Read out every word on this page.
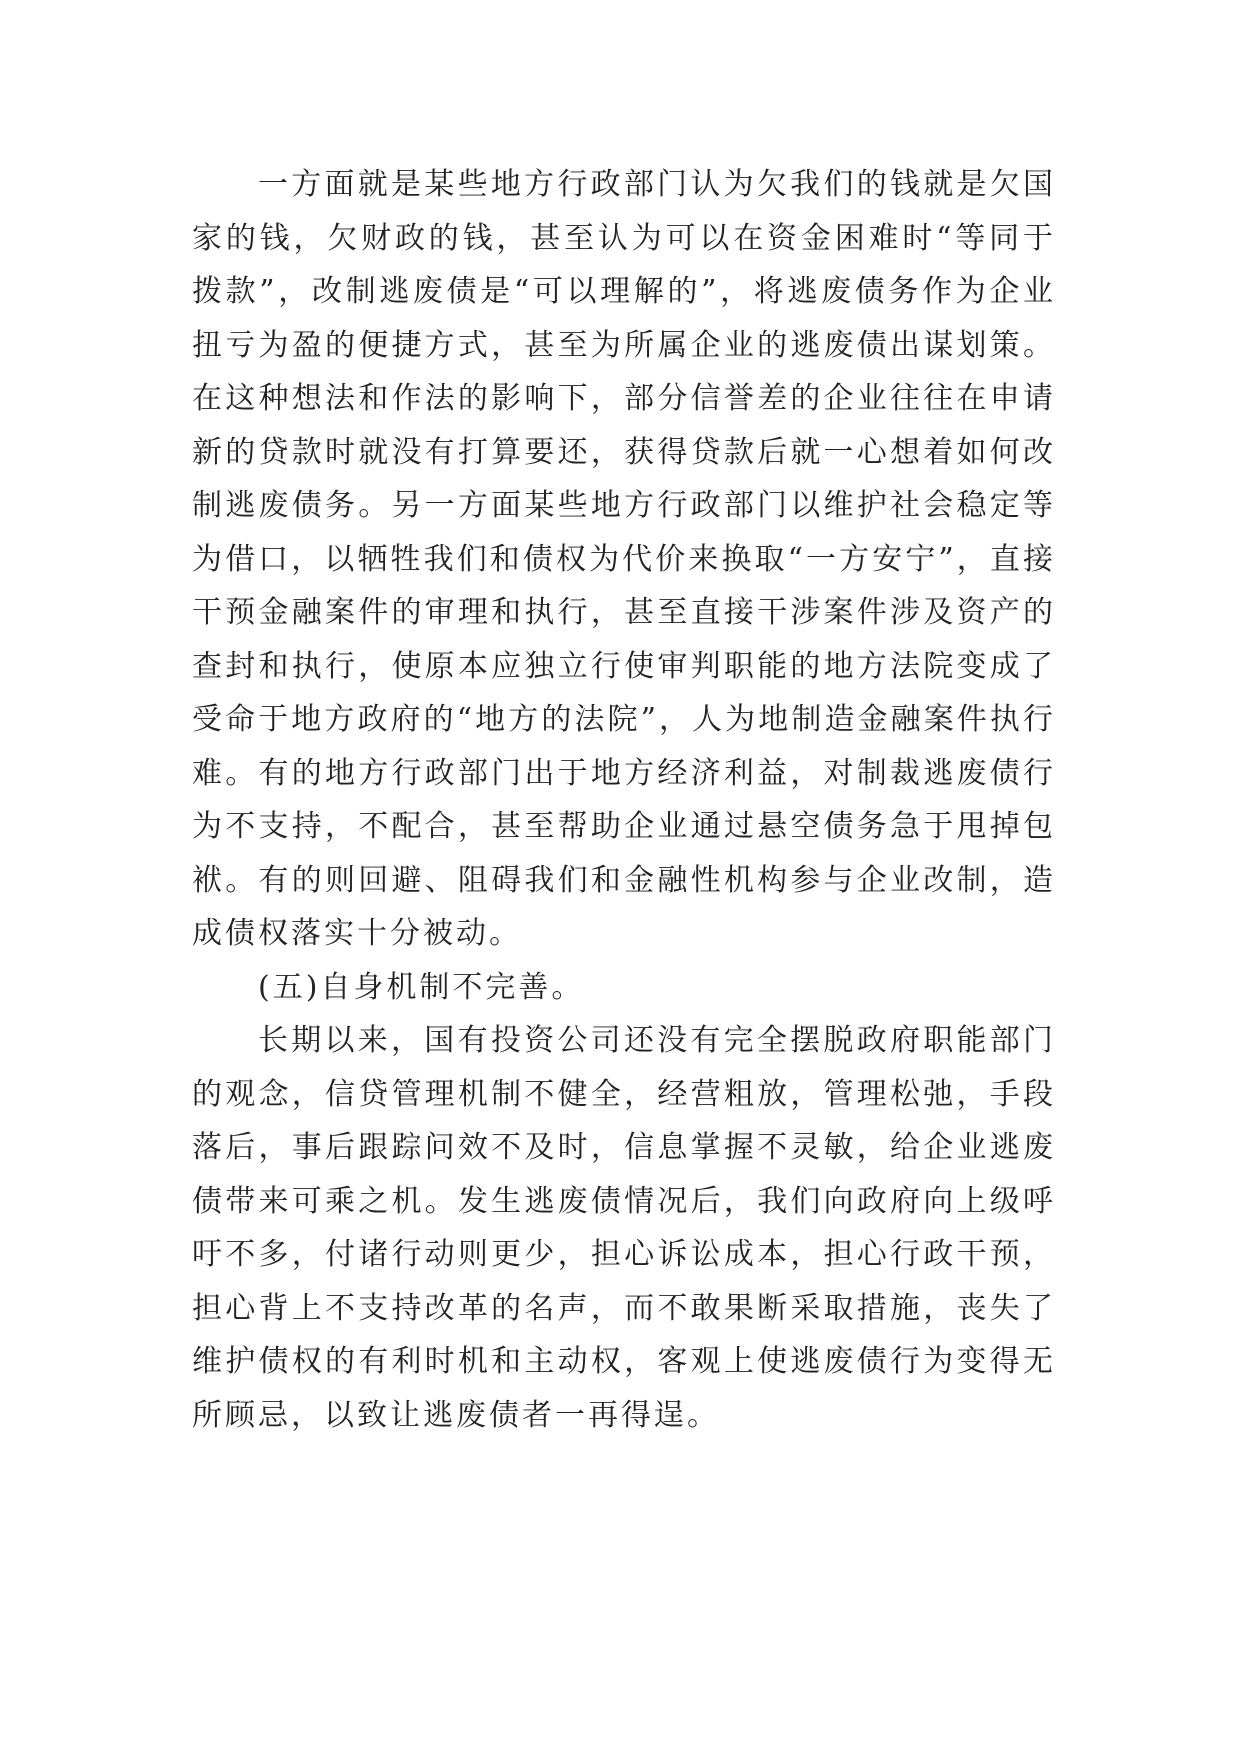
一方面就是某些地方行政部门认为欠我们的钱就是欠国家的钱，欠财政的钱，甚至认为可以在资金困难时“等同于拨款”，改制逃废债是“可以理解的”，将逃废债务作为企业扭亏为盈的便捷方式，甚至为所属企业的逃废债出谋划策。在这种想法和作法的影响下，部分信誉差的企业往往在申请新的贷款时就没有打算要还，获得贷款后就一心想着如何改制逃废债务。另一方面某些地方行政部门以维护社会稳定等为借口，以牺牲我们和债权为代价来换取“一方安宁”，直接干预金融案件的审理和执行，甚至直接干涉案件涉及资产的查封和执行，使原本应独立行使审判职能的地方法院变成了受命于地方政府的“地方的法院”，人为地制造金融案件执行难。有的地方行政部门出于地方经济利益，对制裁逃废债行为不支持，不配合，甚至帮助企业通过悬空债务急于甩掉包袱。有的则回避、阻碍我们和金融性机构参与企业改制，造成债权落实十分被动。

(五)自身机制不完善。

长期以来，国有投资公司还没有完全摆脱政府职能部门的观念，信贷管理机制不健全，经营粗放，管理松弛，手段落后，事后跟踪问效不及时，信息掌握不灵敏，给企业逃废债带来可乘之机。发生逃废债情况后，我们向政府向上级呼吁不多，付诸行动则更少，担心诉讼成本，担心行政干预，担心背上不支持改革的名声，而不敢果断采取措施，丧失了维护债权的有利时机和主动权，客观上使逃废债行为变得无所顾忌，以致让逃废债者一再得逞。
